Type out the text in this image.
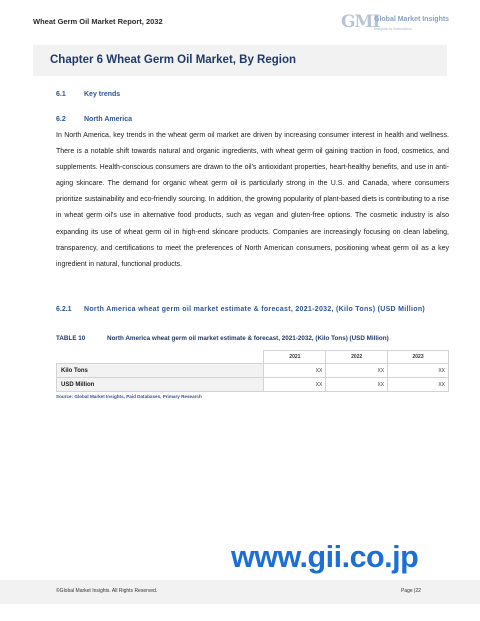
Wheat Germ Oil Market Report, 2032	GMI
Global Market Insights
Insights to Innovation
Chapter 6 Wheat Germ Oil Market, By Region
6.1	Key trends
6.2	North America

In North America, key trends in the wheat germ oil market are driven by increasing consumer interest in health and wellness. There is a notable shift towards natural and organic ingredients, with wheat germ oil gaining traction in food, cosmetics, and supplements. Health-conscious consumers are drawn to the oil's antioxidant properties, heart-healthy benefits, and use in anti-aging skincare. The demand for organic wheat germ oil is particularly strong in the U.S. and Canada, where consumers prioritize sustainability and eco-friendly sourcing. In addition, the growing popularity of plant-based diets is contributing to a rise in wheat germ oil's use in alternative food products, such as vegan and gluten-free options. The cosmetic industry is also expanding its use of wheat germ oil in high-end skincare products. Companies are increasingly focusing on clean labeling, transparency, and certifications to meet the preferences of North American consumers, positioning wheat germ oil as a key ingredient in natural, functional products.

6.2.1	North America wheat germ oil market estimate & forecast, 2021-2032, (Kilo Tons) (USD Million)
TABLE 10	North America wheat germ oil market estimate & forecast, 2021-2032, (Kilo Tons) (USD Million)
	2021	2022	2023
Kilo Tons	XX	XX	XX
USD Million	XX	XX	XX
Source: Global Market Insights, Paid Databases, Primary Research
www.gii.co.jp
©Global Market Insights. All Rights Reserved.	Page |22
